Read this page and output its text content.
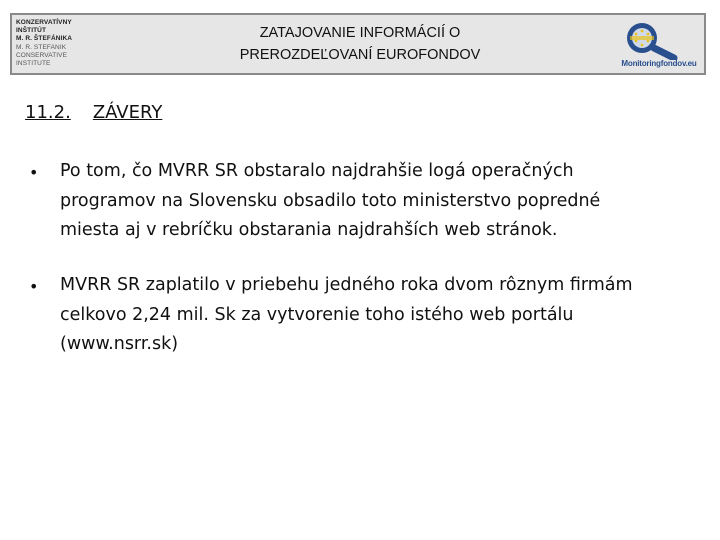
KONZERVATÍVNY
INŠTITÚT
M. R. ŠTEFÁNIKA
M. R. STEFANIK
CONSERVATIVE
INSTITUTE
ZATAJOVANIE INFORMÁCIÍ O
PREROZDEĽOVANÍ EUROFONDOV
Monitoringfondov.eu
11.2. ZÁVERY
• Po tom, čo MVRR SR obstaralo najdrahšie logá operačných
programov na Slovensku obsadilo toto ministerstvo popredné
miesta aj v rebríčku obstarania najdrahších web stránok.
• MVRR SR zaplatilo v priebehu jedného roka dvom rôznym firmám
celkovo 2,24 mil. Sk za vytvorenie toho istého web portálu
(www.nsrr.sk)
